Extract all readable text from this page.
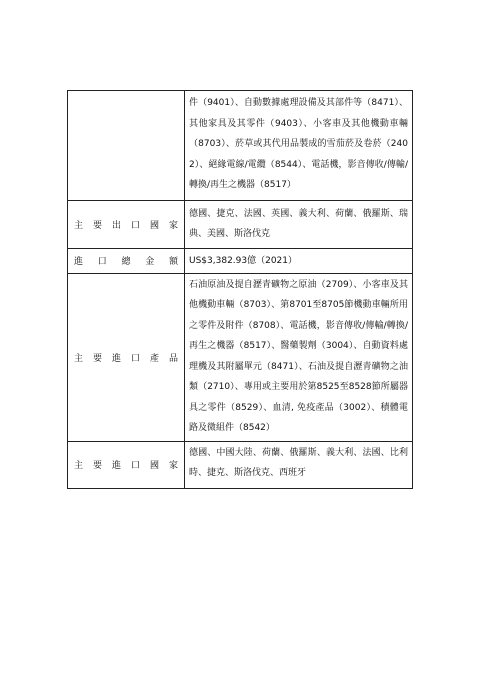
	件（9401）、自動數據處理設備及其部件等（8471）、其他家具及其零件（9403）、小客車及其他機動車輛（8703）、菸草或其代用品製成的雪茄菸及卷菸（2402）、絕緣電線/電纜（8544）、電話機，影音傳收/傳輸/轉換/再生之機器（8517）

主要出口國家	德國、捷克、法國、英國、義大利、荷蘭、俄羅斯、瑞典、美國、斯洛伐克

進口總金額	US$3,382.93億（2021）

主要進口產品	石油原油及提自瀝青礦物之原油（2709）、小客車及其他機動車輛（8703）、第8701至8705節機動車輛所用之零件及附件（8708）、電話機，影音傳收/傳輸/轉換/再生之機器（8517）、醫藥製劑（3004）、自動資料處理機及其附屬單元（8471）、石油及提自瀝青礦物之油類（2710）、專用或主要用於第8525至8528節所屬器具之零件（8529）、血清, 免疫產品（3002）、積體電路及微組件（8542）

主要進口國家	德國、中國大陸、荷蘭、俄羅斯、義大利、法國、比利時、捷克、斯洛伐克、西班牙
